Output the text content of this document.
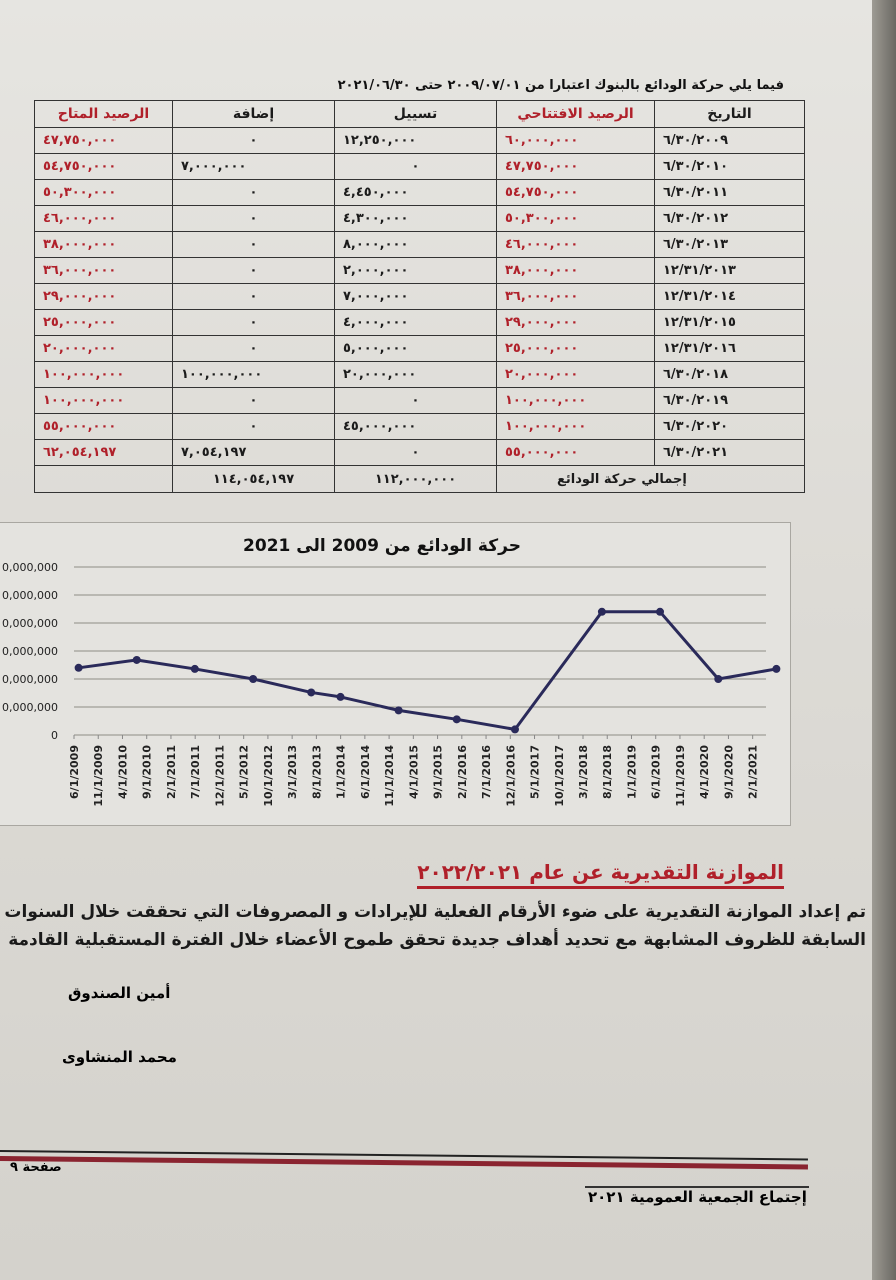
فيما يلي حركة الودائع بالبنوك اعتبارا من ٢٠٠٩/٠٧/٠١ حتى ٢٠٢١/٠٦/٣٠
التاريخ	الرصيد الافتتاحي	تسييل	إضافة	الرصيد المتاح
٦/٣٠/٢٠٠٩	٦٠,٠٠٠,٠٠٠	١٢,٢٥٠,٠٠٠	٠	٤٧,٧٥٠,٠٠٠
٦/٣٠/٢٠١٠	٤٧,٧٥٠,٠٠٠	٠	٧,٠٠٠,٠٠٠	٥٤,٧٥٠,٠٠٠
٦/٣٠/٢٠١١	٥٤,٧٥٠,٠٠٠	٤,٤٥٠,٠٠٠	٠	٥٠,٣٠٠,٠٠٠
٦/٣٠/٢٠١٢	٥٠,٣٠٠,٠٠٠	٤,٣٠٠,٠٠٠	٠	٤٦,٠٠٠,٠٠٠
٦/٣٠/٢٠١٣	٤٦,٠٠٠,٠٠٠	٨,٠٠٠,٠٠٠	٠	٣٨,٠٠٠,٠٠٠
١٢/٣١/٢٠١٣	٣٨,٠٠٠,٠٠٠	٢,٠٠٠,٠٠٠	٠	٣٦,٠٠٠,٠٠٠
١٢/٣١/٢٠١٤	٣٦,٠٠٠,٠٠٠	٧,٠٠٠,٠٠٠	٠	٢٩,٠٠٠,٠٠٠
١٢/٣١/٢٠١٥	٢٩,٠٠٠,٠٠٠	٤,٠٠٠,٠٠٠	٠	٢٥,٠٠٠,٠٠٠
١٢/٣١/٢٠١٦	٢٥,٠٠٠,٠٠٠	٥,٠٠٠,٠٠٠	٠	٢٠,٠٠٠,٠٠٠
٦/٣٠/٢٠١٨	٢٠,٠٠٠,٠٠٠	٢٠,٠٠٠,٠٠٠	١٠٠,٠٠٠,٠٠٠	١٠٠,٠٠٠,٠٠٠
٦/٣٠/٢٠١٩	١٠٠,٠٠٠,٠٠٠	٠	٠	١٠٠,٠٠٠,٠٠٠
٦/٣٠/٢٠٢٠	١٠٠,٠٠٠,٠٠٠	٤٥,٠٠٠,٠٠٠	٠	٥٥,٠٠٠,٠٠٠
٦/٣٠/٢٠٢١	٥٥,٠٠٠,٠٠٠	٠	٧,٠٥٤,١٩٧	٦٢,٠٥٤,١٩٧
إجمالي حركة الودائع		١١٢,٠٠٠,٠٠٠	١١٤,٠٥٤,١٩٧	
حركة الودائع من 2009 الى 2021
0
0,000,000
0,000,000
0,000,000
0,000,000
0,000,000
0,000,000
6/1/2009 11/1/2009 4/1/2010 9/1/2010 2/1/2011 7/1/2011 12/1/2011 5/1/2012 10/1/2012 3/1/2013 8/1/2013 1/1/2014 6/1/2014 11/1/2014 4/1/2015 9/1/2015 2/1/2016 7/1/2016 12/1/2016 5/1/2017 10/1/2017 3/1/2018 8/1/2018 1/1/2019 6/1/2019 11/1/2019 4/1/2020 9/1/2020 2/1/2021
الموازنة التقديرية عن عام ٢٠٢٢/٢٠٢١
تم إعداد الموازنة التقديرية على ضوء الأرقام الفعلية للإيرادات و المصروفات التي تحققت خلال السنوات
السابقة للظروف المشابهة مع تحديد أهداف جديدة تحقق طموح الأعضاء خلال الفترة المستقبلية القادمة
أمين الصندوق
محمد المنشاوى
صفحة ٩
إجتماع الجمعية العمومية ٢٠٢١
